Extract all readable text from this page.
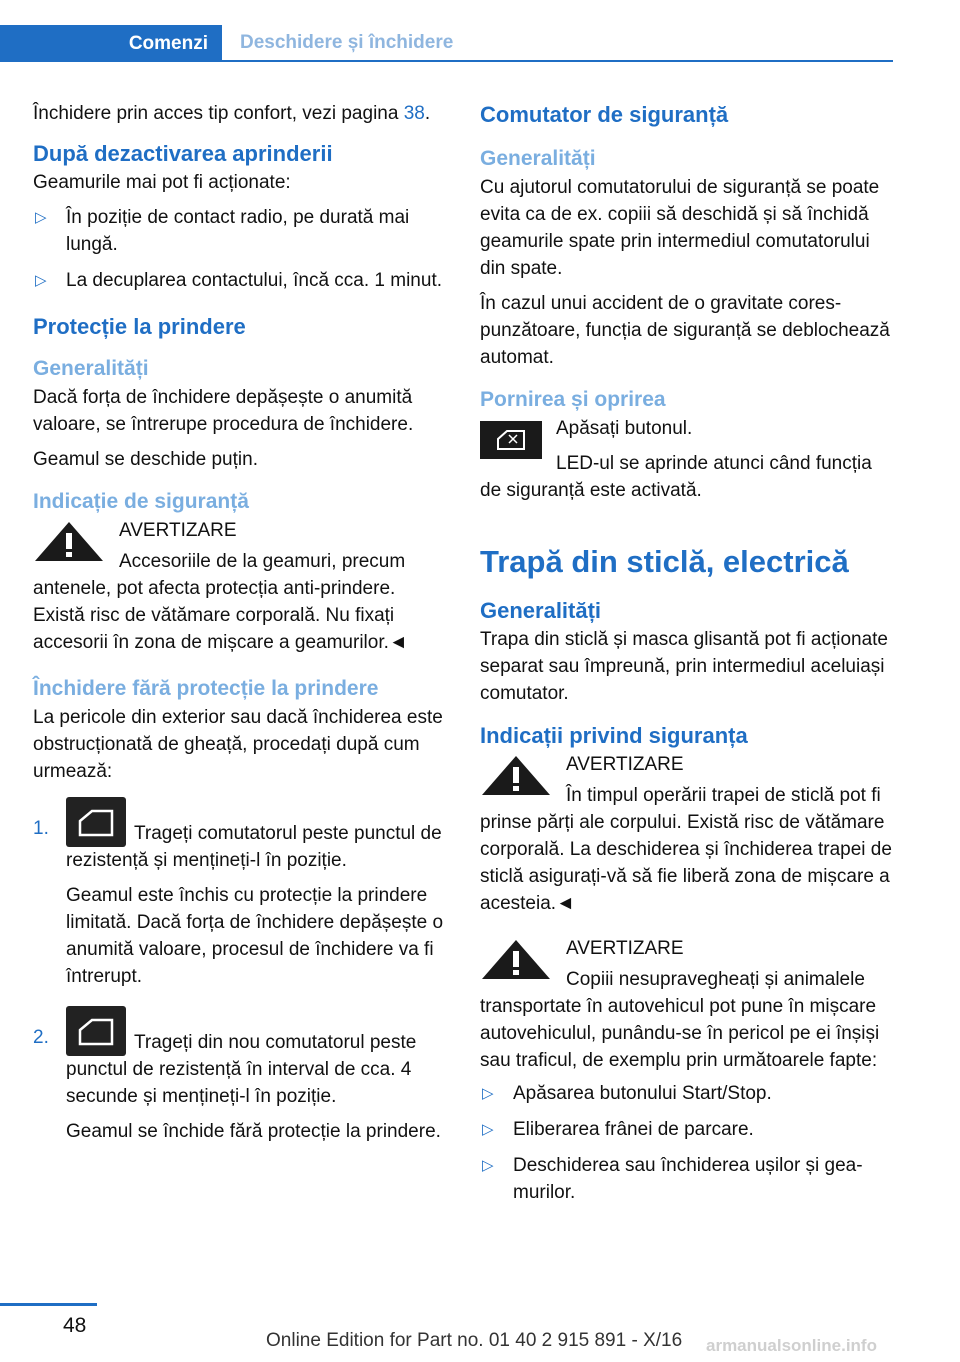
Comenzi	Deschidere și închidere

Închidere prin acces tip confort, vezi pagina 38.

După dezactivarea aprinderii

Geamurile mai pot fi acționate:

▷ În poziție de contact radio, pe durată mai lungă.
▷ La decuplarea contactului, încă cca. 1 minut.
Protecție la prindere
Generalități

Dacă forța de închidere depășește o anumită valoare, se întrerupe procedura de închidere.

Geamul se deschide puțin.

Indicație de siguranță

AVERTIZARE

Accesoriile de la geamuri, precum antenele, pot afecta protecția anti-prindere. Există risc de vătămare corporală. Nu fixați accesorii în zona de mișcare a geamurilor.◄

Închidere fără protecție la prindere

La pericole din exterior sau dacă închiderea este obstrucționată de gheață, procedați după cum urmează:

1.	Trageți comutatorul peste punctul de rezistență și mențineți-l în poziție.

Geamul este închis cu protecție la prindere limitată. Dacă forța de închidere depășește o anumită valoare, procesul de închidere va fi întrerupt.

2.	Trageți din nou comutatorul peste punctul de rezistență în interval de cca. 4 secunde și mențineți-l în poziție.

Geamul se închide fără protecție la prindere.

Comutator de siguranță
Generalități

Cu ajutorul comutatorului de siguranță se poate evita ca de ex. copiii să deschidă și să închidă geamurile spate prin intermediul comutatorului din spate.

În cazul unui accident de o gravitate corespunzătoare, funcția de siguranță se deblochează automat.

Pornirea și oprirea

Apăsați butonul.

LED-ul se aprinde atunci când funcția de siguranță este activată.

Trapă din sticlă, electrică
Generalități

Trapa din sticlă și masca glisantă pot fi acționate separat sau împreună, prin intermediul aceluiași comutator.

Indicații privind siguranța

AVERTIZARE

În timpul operării trapei de sticlă pot fi prinse părți ale corpului. Există risc de vătămare corporală. La deschiderea și închiderea trapei de sticlă asigurați-vă să fie liberă zona de mișcare a acesteia.◄

AVERTIZARE

Copiii nesupravegheați și animalele transportate în autovehicul pot pune în mișcare autovehiculul, punându-se în pericol pe ei înșiși sau traficul, de exemplu prin următoarele fapte:

▷ Apăsarea butonului Start/Stop.
▷ Eliberarea frânei de parcare.
▷ Deschiderea sau închiderea ușilor și geamurilor.
48
Online Edition for Part no. 01 40 2 915 891 - X/16 armanualsonline.info
